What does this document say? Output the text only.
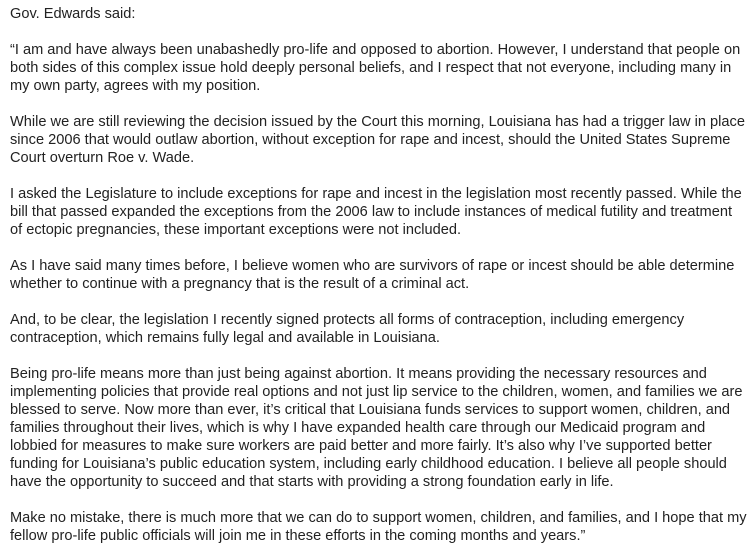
Gov. Edwards said:

“I am and have always been unabashedly pro-life and opposed to abortion. However, I understand that people on both sides of this complex issue hold deeply personal beliefs, and I respect that not everyone, including many in my own party, agrees with my position.

While we are still reviewing the decision issued by the Court this morning, Louisiana has had a trigger law in place since 2006 that would outlaw abortion, without exception for rape and incest, should the United States Supreme Court overturn Roe v. Wade.

I asked the Legislature to include exceptions for rape and incest in the legislation most recently passed. While the bill that passed expanded the exceptions from the 2006 law to include instances of medical futility and treatment of ectopic pregnancies, these important exceptions were not included.

As I have said many times before, I believe women who are survivors of rape or incest should be able determine whether to continue with a pregnancy that is the result of a criminal act.

And, to be clear, the legislation I recently signed protects all forms of contraception, including emergency contraception, which remains fully legal and available in Louisiana.

Being pro-life means more than just being against abortion. It means providing the necessary resources and implementing policies that provide real options and not just lip service to the children, women, and families we are blessed to serve. Now more than ever, it’s critical that Louisiana funds services to support women, children, and families throughout their lives, which is why I have expanded health care through our Medicaid program and lobbied for measures to make sure workers are paid better and more fairly. It’s also why I’ve supported better funding for Louisiana’s public education system, including early childhood education. I believe all people should have the opportunity to succeed and that starts with providing a strong foundation early in life.

Make no mistake, there is much more that we can do to support women, children, and families, and I hope that my fellow pro-life public officials will join me in these efforts in the coming months and years.”
